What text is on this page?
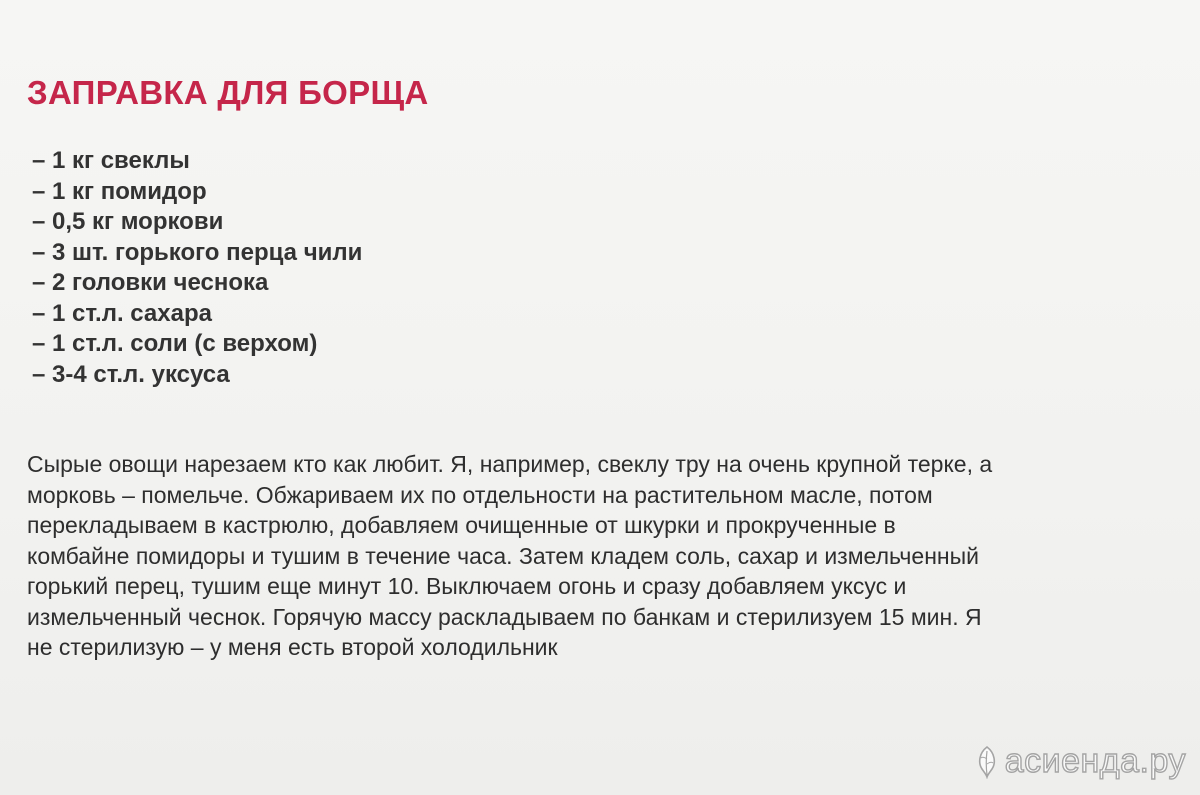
ЗАПРАВКА ДЛЯ БОРЩА
– 1 кг свеклы
– 1 кг помидор
– 0,5 кг моркови
– 3 шт. горького перца чили
– 2 головки чеснока
– 1 ст.л. сахара
– 1 ст.л. соли (с верхом)
– 3-4 ст.л. уксуса

Сырые овощи нарезаем кто как любит. Я, например, свеклу тру на очень крупной терке, а
морковь – помельче. Обжариваем их по отдельности на растительном масле, потом
перекладываем в кастрюлю, добавляем очищенные от шкурки и прокрученные в
комбайне помидоры и тушим в течение часа. Затем кладем соль, сахар и измельченный
горький перец, тушим еще минут 10. Выключаем огонь и сразу добавляем уксус и
измельченный чеснок. Горячую массу раскладываем по банкам и стерилизуем 15 мин. Я
не стерилизую – у меня есть второй холодильник

асиенда.ру
